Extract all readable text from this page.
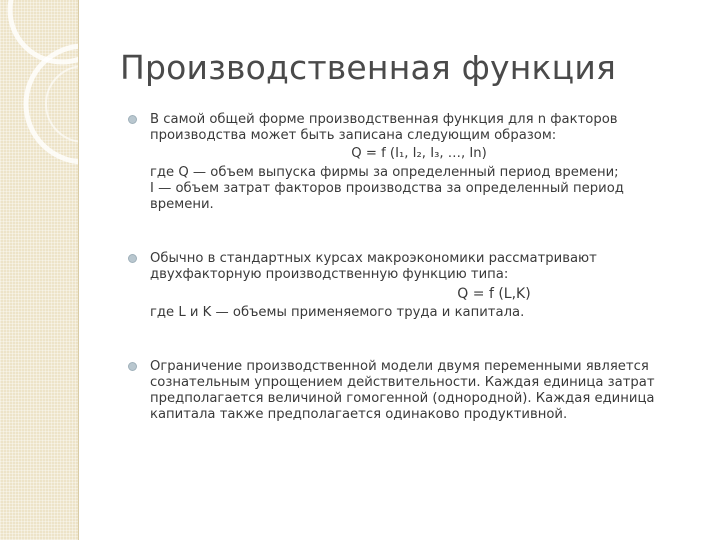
Производственная функция

В самой общей форме производственная функция для n факторов производства может быть записана следующим образом:

Q = f (I₁, I₂, I₃, …, In)

где Q — объем выпуска фирмы за определенный период времени;

I — объем затрат факторов производства за определенный период времени.

Обычно в стандартных курсах макроэкономики рассматривают двухфакторную производственную функцию типа:

Q = f (L,K)

где L и K — объемы применяемого труда и капитала.

Ограничение производственной модели двумя переменными является сознательным упрощением действительности. Каждая единица затрат предполагается величиной гомогенной (однородной). Каждая единица капитала также предполагается одинаково продуктивной.
